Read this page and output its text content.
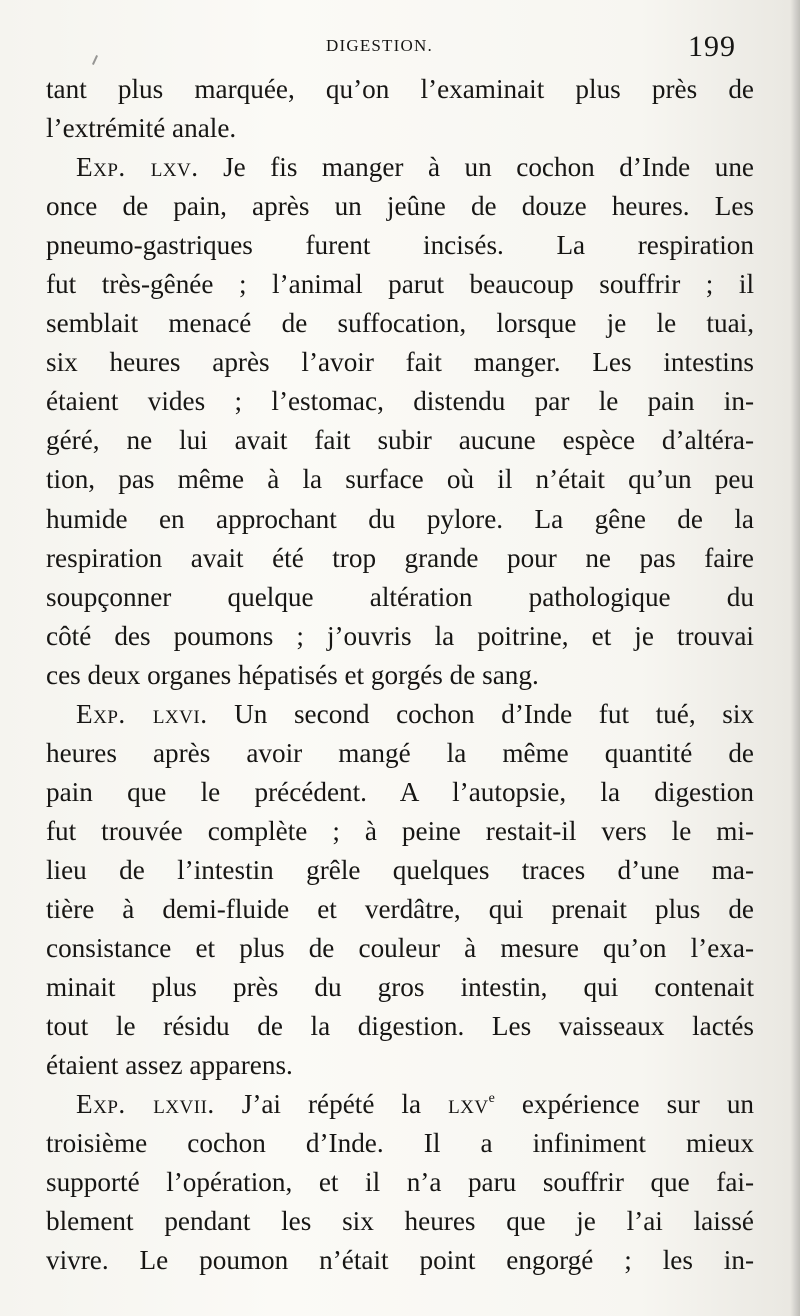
DIGESTION.	199
tant plus marquée, qu’on l’examinait plus près de
l’extrémité anale.
Exp. lxv. Je fis manger à un cochon d’Inde une
once de pain, après un jeûne de douze heures. Les
pneumo-gastriques furent incisés. La respiration
fut très-gênée ; l’animal parut beaucoup souffrir ; il
semblait menacé de suffocation, lorsque je le tuai,
six heures après l’avoir fait manger. Les intestins
étaient vides ; l’estomac, distendu par le pain in-
géré, ne lui avait fait subir aucune espèce d’altéra-
tion, pas même à la surface où il n’était qu’un peu
humide en approchant du pylore. La gêne de la
respiration avait été trop grande pour ne pas faire
soupçonner quelque altération pathologique du
côté des poumons ; j’ouvris la poitrine, et je trouvai
ces deux organes hépatisés et gorgés de sang.
Exp. lxvi. Un second cochon d’Inde fut tué, six
heures après avoir mangé la même quantité de
pain que le précédent. A l’autopsie, la digestion
fut trouvée complète ; à peine restait-il vers le mi-
lieu de l’intestin grêle quelques traces d’une ma-
tière à demi-fluide et verdâtre, qui prenait plus de
consistance et plus de couleur à mesure qu’on l’exa-
minait plus près du gros intestin, qui contenait
tout le résidu de la digestion. Les vaisseaux lactés
étaient assez apparens.
Exp. lxvii. J’ai répété la lxv$^e$ expérience sur un
troisième cochon d’Inde. Il a infiniment mieux
supporté l’opération, et il n’a paru souffrir que fai-
blement pendant les six heures que je l’ai laissé
vivre. Le poumon n’était point engorgé ; les in-
